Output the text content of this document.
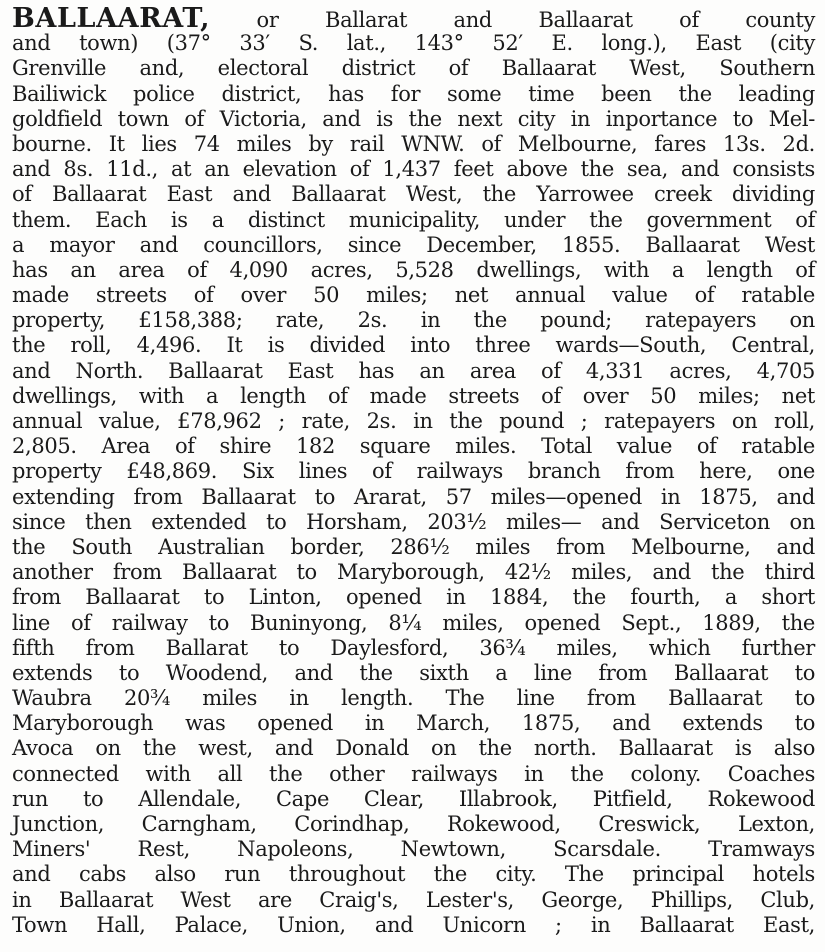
BALLAARAT, or Ballarat and Ballaarat of county
and town) (37° 33′ S. lat., 143° 52′ E. long.), East (city
Grenville and, electoral district of Ballaarat West, Southern
Bailiwick police district, has for some time been the leading
goldfield town of Victoria, and is the next city in inportance to Mel-
bourne. It lies 74 miles by rail WNW. of Melbourne, fares 13s. 2d.
and 8s. 11d., at an elevation of 1,437 feet above the sea, and consists
of Ballaarat East and Ballaarat West, the Yarrowee creek dividing
them. Each is a distinct municipality, under the government of
a mayor and councillors, since December, 1855. Ballaarat West
has an area of 4,090 acres, 5,528 dwellings, with a length of
made streets of over 50 miles; net annual value of ratable
property, £158,388; rate, 2s. in the pound; ratepayers on
the roll, 4,496. It is divided into three wards—South, Central,
and North. Ballaarat East has an area of 4,331 acres, 4,705
dwellings, with a length of made streets of over 50 miles; net
annual value, £78,962 ; rate, 2s. in the pound ; ratepayers on roll,
2,805. Area of shire 182 square miles. Total value of ratable
property £48,869. Six lines of railways branch from here, one
extending from Ballaarat to Ararat, 57 miles—opened in 1875, and
since then extended to Horsham, 203½ miles— and Serviceton on
the South Australian border, 286½ miles from Melbourne, and
another from Ballaarat to Maryborough, 42½ miles, and the third
from Ballaarat to Linton, opened in 1884, the fourth, a short
line of railway to Buninyong, 8¼ miles, opened Sept., 1889, the
fifth from Ballarat to Daylesford, 36¾ miles, which further
extends to Woodend, and the sixth a line from Ballaarat to
Waubra 20¾ miles in length. The line from Ballaarat to
Maryborough was opened in March, 1875, and extends to
Avoca on the west, and Donald on the north. Ballaarat is also
connected with all the other railways in the colony. Coaches
run to Allendale, Cape Clear, Illabrook, Pitfield, Rokewood
Junction, Carngham, Corindhap, Rokewood, Creswick, Lexton,
Miners' Rest, Napoleons, Newtown, Scarsdale. Tramways
and cabs also run throughout the city. The principal hotels
in Ballaarat West are Craig's, Lester's, George, Phillips, Club,
Town Hall, Palace, Union, and Unicorn ; in Ballaarat East,
